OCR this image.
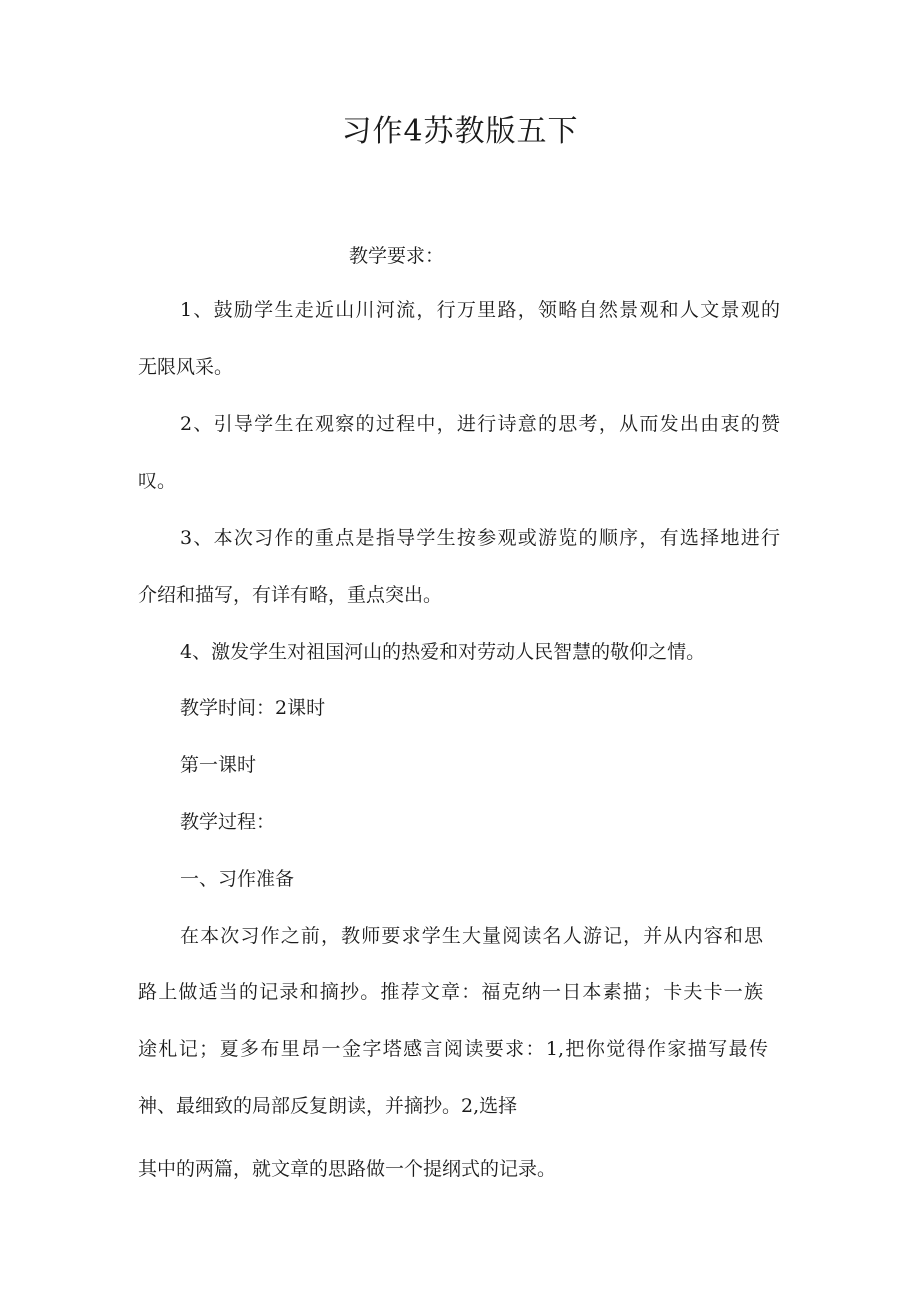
习作4苏教版五下

教学要求：

1、鼓励学生走近山川河流，行万里路，领略自然景观和人文景观的

无限风采。

2、引导学生在观察的过程中，进行诗意的思考，从而发出由衷的赞

叹。

3、本次习作的重点是指导学生按参观或游览的顺序，有选择地进行

介绍和描写，有详有略，重点突出。

4、激发学生对祖国河山的热爱和对劳动人民智慧的敬仰之情。

教学时间：2课时

第一课时

教学过程：

一、习作准备

在本次习作之前，教师要求学生大量阅读名人游记，并从内容和思

路上做适当的记录和摘抄。推荐文章：福克纳一日本素描；卡夫卡一族

途札记；夏多布里昂一金字塔感言阅读要求：1,把你觉得作家描写最传

神、最细致的局部反复朗读，并摘抄。2,选择

其中的两篇，就文章的思路做一个提纲式的记录。
